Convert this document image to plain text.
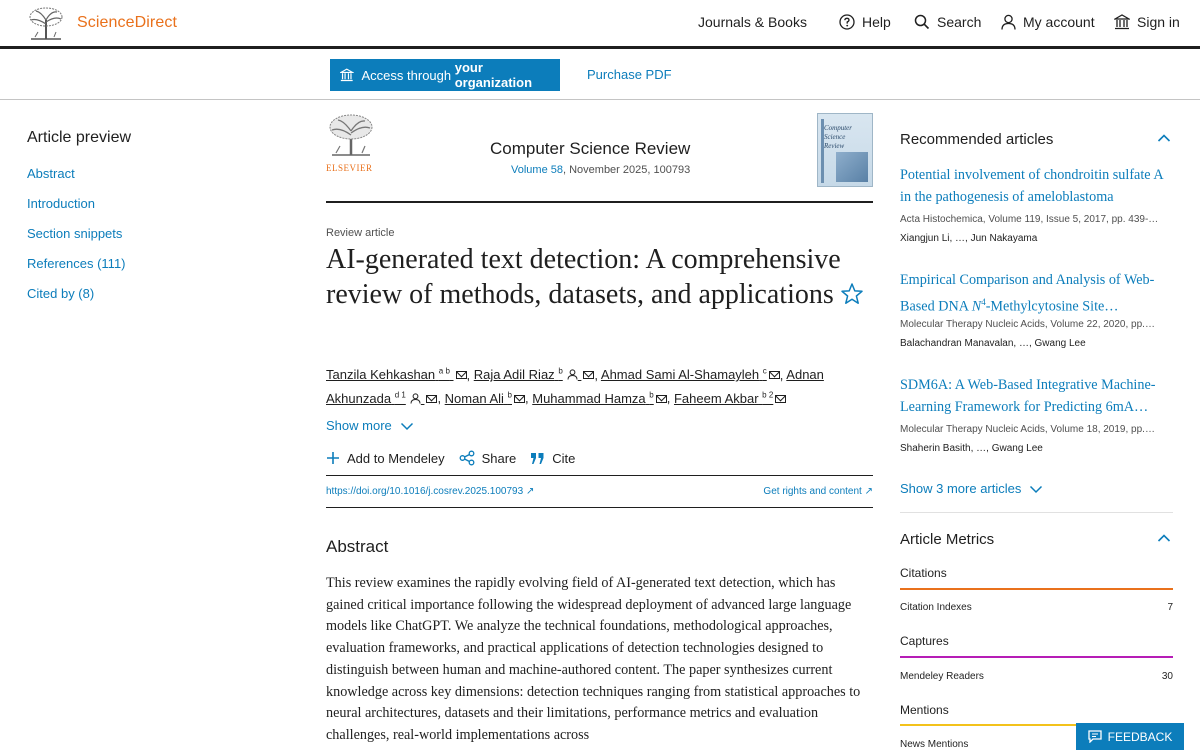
ScienceDirect	Journals & Books	Help	Search	My account	Sign in
Access through your organization
Purchase PDF
Article preview
Abstract
Introduction
Section snippets
References (111)
Cited by (8)
ELSEVIER
Computer Science Review
Volume 58, November 2025, 100793
Computer
Science
Review
Review article
AI-generated text detection: A comprehensive review of methods, datasets, and applications
Tanzila Kehkashan $^{a b}$ , Raja Adil Riaz $^b$ , Ahmad Sami Al-Shamayleh $^c$ , Adnan Akhunzada $^{d 1}$ , Noman Ali $^b$ , Muhammad Hamza $^b$ , Faheem Akbar $^{b 2}$
Show more
Add to Mendeley	Share	Cite
https://doi.org/10.1016/j.cosrev.2025.100793 ↗	Get rights and content ↗
Abstract

This review examines the rapidly evolving field of AI-generated text detection, which has gained critical importance following the widespread deployment of advanced large language models like ChatGPT. We analyze the technical foundations, methodological approaches, evaluation frameworks, and practical applications of detection technologies designed to distinguish between human and machine-authored content. The paper synthesizes current knowledge across key dimensions: detection techniques ranging from statistical approaches to neural architectures, datasets and their limitations, performance metrics and evaluation challenges, real-world implementations across

Recommended articles
Potential involvement of chondroitin sulfate A in the pathogenesis of ameloblastoma
Acta Histochemica, Volume 119, Issue 5, 2017, pp. 439-…
Xiangjun Li, …, Jun Nakayama
Empirical Comparison and Analysis of Web-Based DNA $N^4$-Methylcytosine Site…
Molecular Therapy Nucleic Acids, Volume 22, 2020, pp.…
Balachandran Manavalan, …, Gwang Lee
SDM6A: A Web-Based Integrative Machine-Learning Framework for Predicting 6mA…
Molecular Therapy Nucleic Acids, Volume 18, 2019, pp.…
Shaherin Basith, …, Gwang Lee
Show 3 more articles
Article Metrics
Citations
Citation Indexes	7
Captures
Mendeley Readers	30
Mentions
News Mentions
FEEDBACK
